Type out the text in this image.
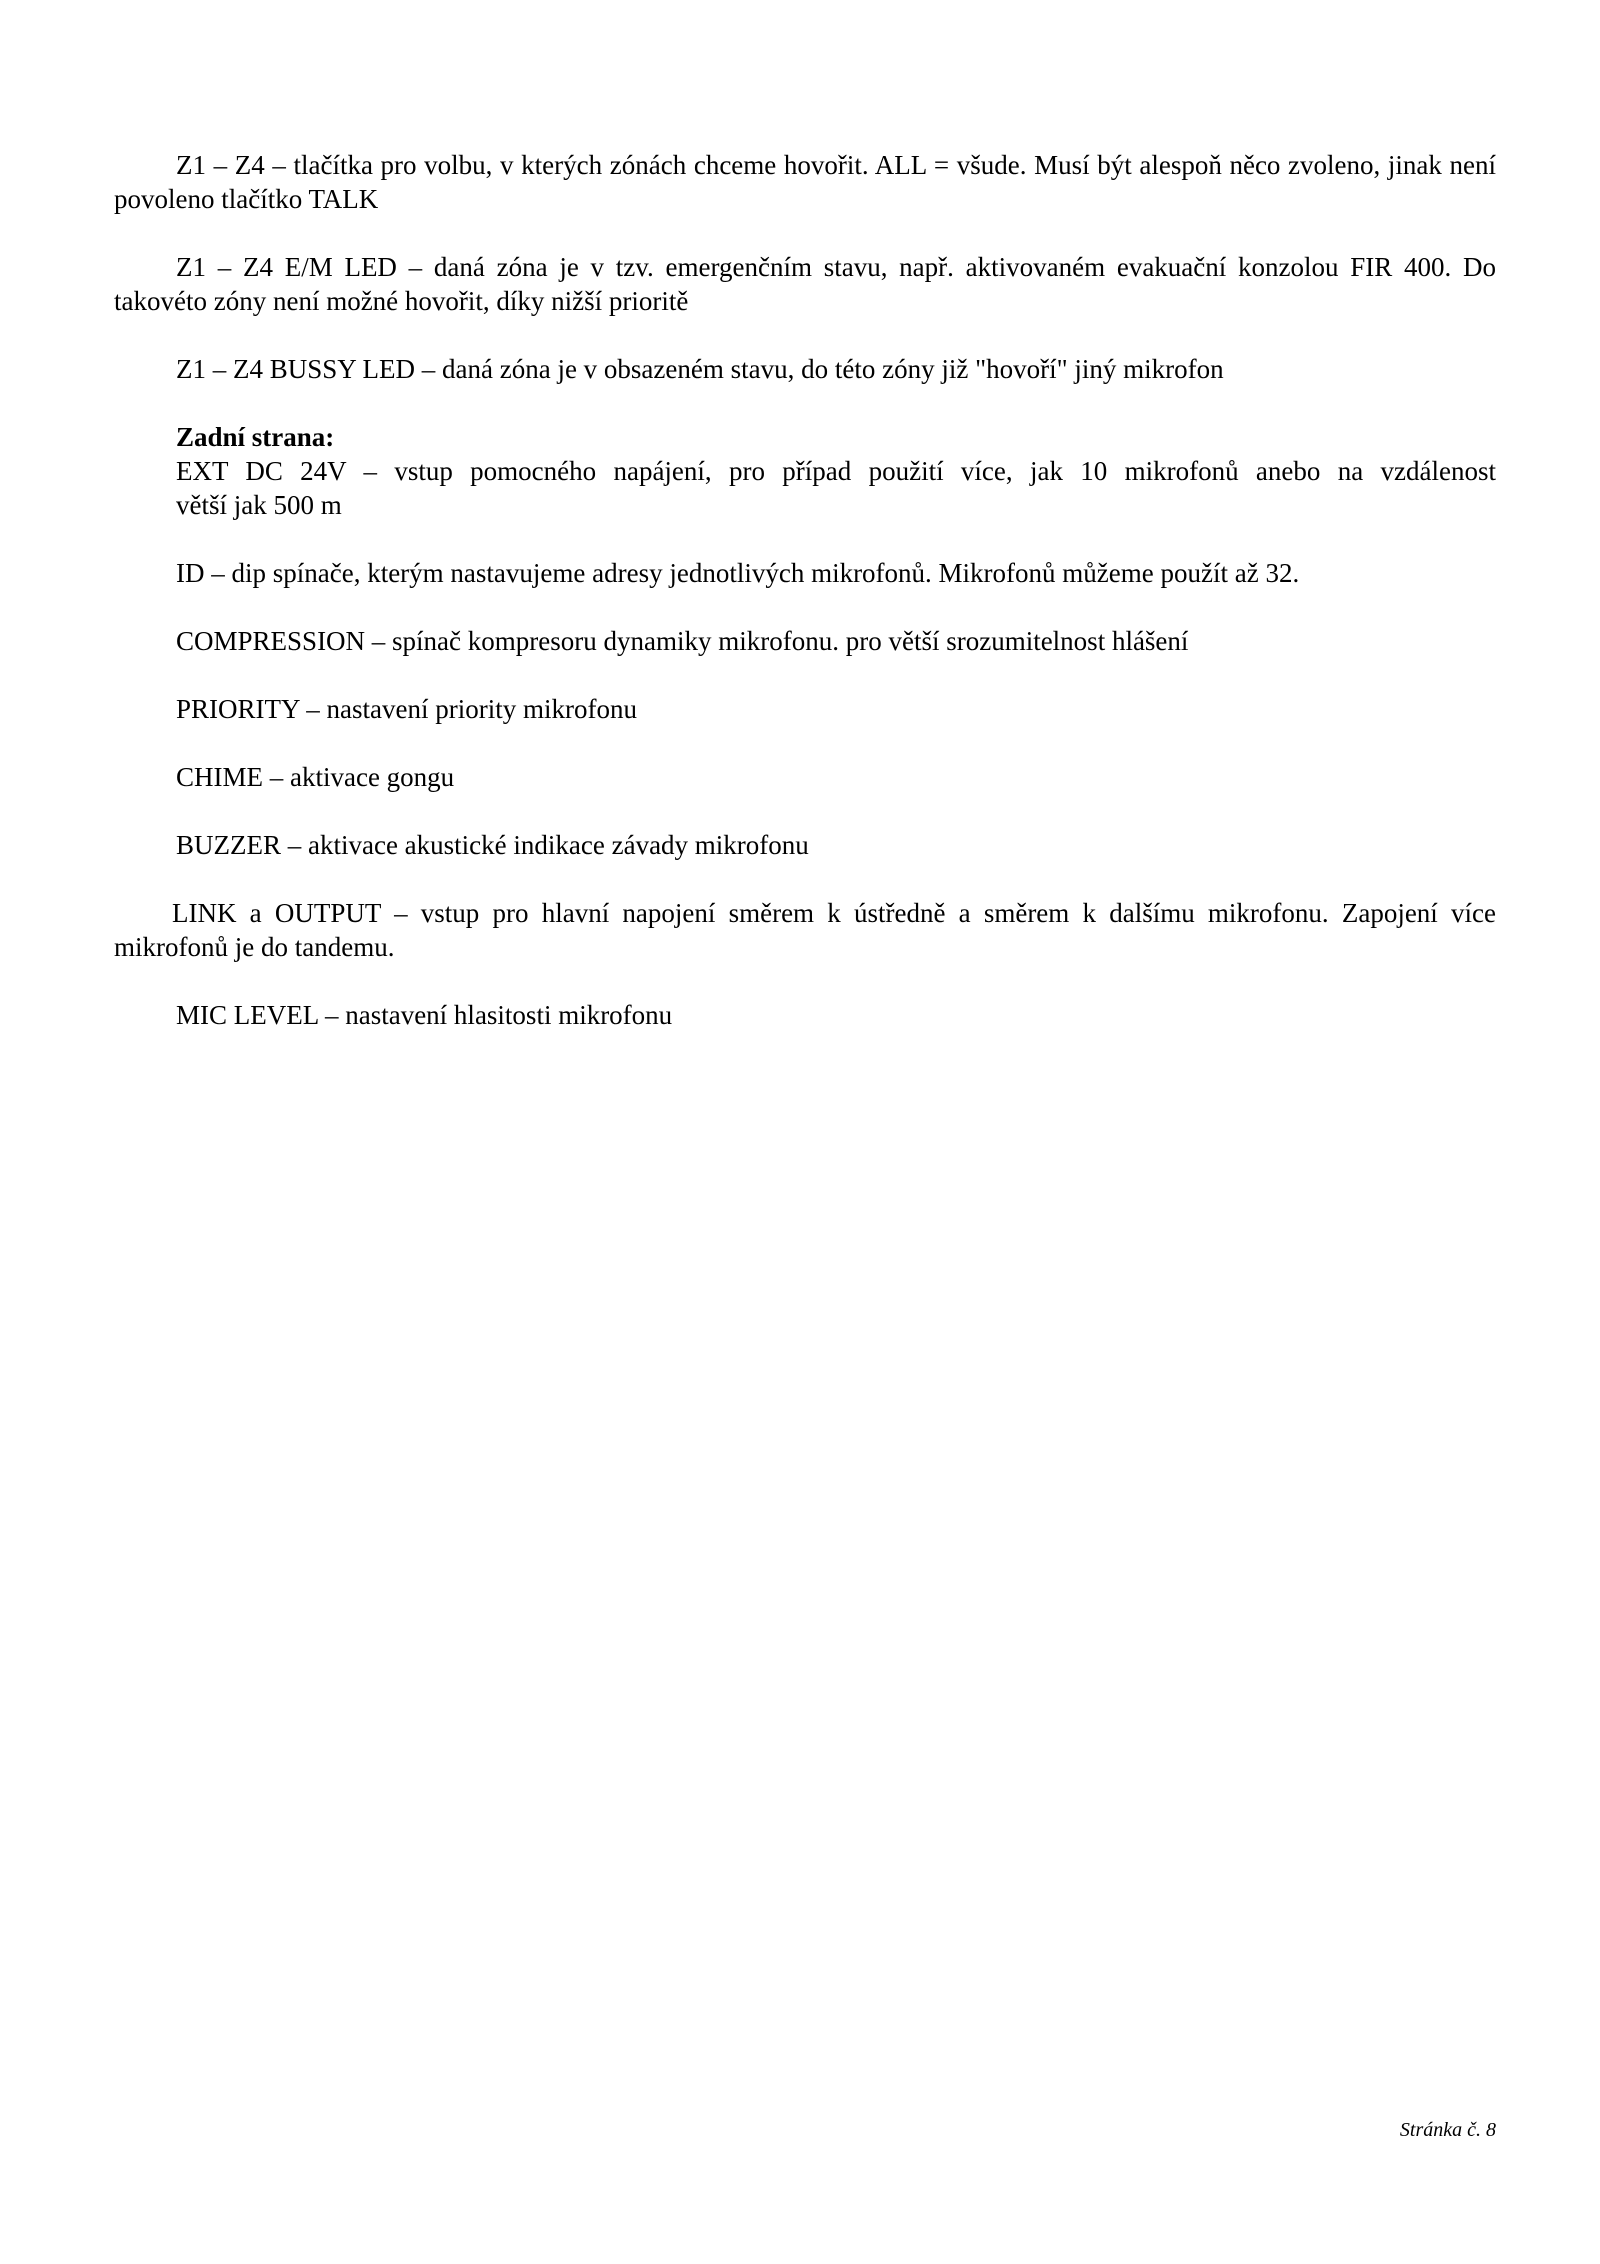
Z1 – Z4 – tlačítka pro volbu, v kterých zónách chceme hovořit. ALL = všude. Musí být alespoň něco zvoleno, jinak není povoleno tlačítko TALK

Z1 – Z4 E/M LED – daná zóna je v tzv. emergenčním stavu, např. aktivovaném evakuační konzolou FIR 400. Do takovéto zóny není možné hovořit, díky nižší prioritě

Z1 – Z4 BUSSY LED – daná zóna je v obsazeném stavu, do této zóny již "hovoří" jiný mikrofon

Zadní strana:
EXT DC 24V – vstup pomocného napájení, pro případ použití více, jak 10 mikrofonů anebo na vzdálenost
větší jak 500 m

ID – dip spínače, kterým nastavujeme adresy jednotlivých mikrofonů. Mikrofonů můžeme použít až 32.

COMPRESSION – spínač kompresoru dynamiky mikrofonu. pro větší srozumitelnost hlášení

PRIORITY – nastavení priority mikrofonu

CHIME – aktivace gongu

BUZZER – aktivace akustické indikace závady mikrofonu

LINK a OUTPUT – vstup pro hlavní napojení směrem k ústředně a směrem k dalšímu mikrofonu. Zapojení více mikrofonů je do tandemu.

MIC LEVEL – nastavení hlasitosti mikrofonu

Stránka č. 8
